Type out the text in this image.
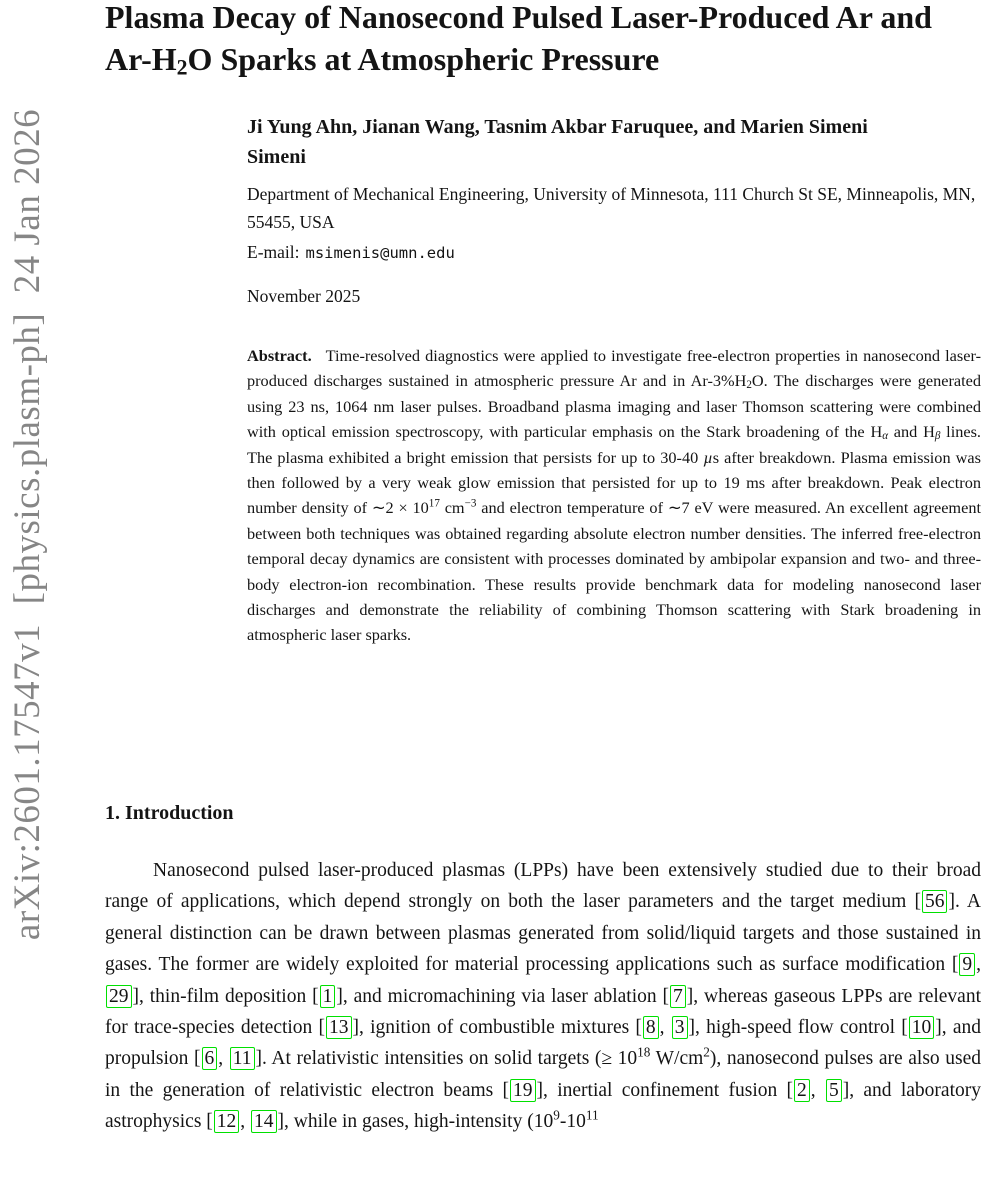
arXiv:2601.17547v1  [physics.plasm-ph]  24 Jan 2026
Plasma Decay of Nanosecond Pulsed Laser-Produced Ar and $Ar-H_2O$ Sparks at Atmospheric Pressure
Ji Yung Ahn, Jianan Wang, Tasnim Akbar Faruquee, and Marien Simeni Simeni
Department of Mechanical Engineering, University of Minnesota, 111 Church St SE, Minneapolis, MN, 55455, USA
E-mail: msimenis@umn.edu
November 2025
Abstract. Time-resolved diagnostics were applied to investigate free-electron properties in nanosecond laser-produced discharges sustained in atmospheric pressure Ar and in $Ar-3\%H_2O$. The discharges were generated using 23 ns, 1064 nm laser pulses. Broadband plasma imaging and laser Thomson scattering were combined with optical emission spectroscopy, with particular emphasis on the Stark broadening of the $H_\alpha$ and $H_\beta$ lines. The plasma exhibited a bright emission that persists for up to 30-40 µs after breakdown. Plasma emission was then followed by a very weak glow emission that persisted for up to 19 ms after breakdown. Peak electron number density of ∼2 × $10^{17}$ $cm^{-3}$ and electron temperature of ∼7 eV were measured. An excellent agreement between both techniques was obtained regarding absolute electron number densities. The inferred free-electron temporal decay dynamics are consistent with processes dominated by ambipolar expansion and two- and three-body electron-ion recombination. These results provide benchmark data for modeling nanosecond laser discharges and demonstrate the reliability of combining Thomson scattering with Stark broadening in atmospheric laser sparks.
1. Introduction

Nanosecond pulsed laser-produced plasmas (LPPs) have been extensively studied due to their broad range of applications, which depend strongly on both the laser parameters and the target medium [ 56 ]. A general distinction can be drawn between plasmas generated from solid/liquid targets and those sustained in gases. The former are widely exploited for material processing applications such as surface modification [ 9 , 29 ], thin-film deposition [ 1 ], and micromachining via laser ablation [ 7 ], whereas gaseous LPPs are relevant for trace-species detection [ 13 ], ignition of combustible mixtures [ 8 , 3 ], high-speed flow control [ 10 ], and propulsion [ 6 , 11 ]. At relativistic intensities on solid targets (≥ $10^{18}$ $W/cm^2$), nanosecond pulses are also used in the generation of relativistic electron beams [ 19 ], inertial confinement fusion [ 2 , 5 ], and laboratory astrophysics [ 12 , 14 ], while in gases, high-intensity ($10^9-10^{11}$
